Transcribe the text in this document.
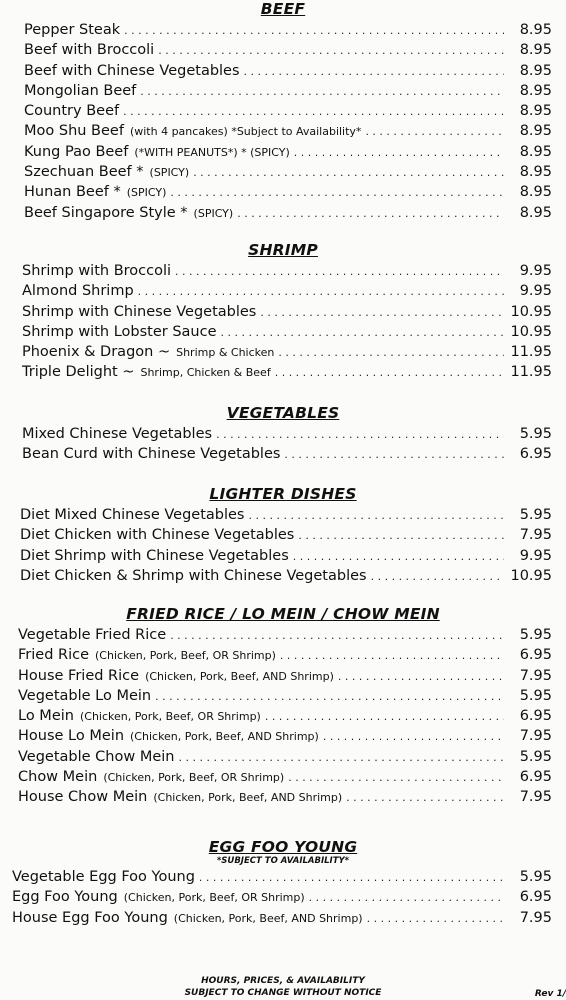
BEEF
Pepper Steak . . .	8.95
Beef with Broccoli . . .	8.95
Beef with Chinese Vegetables . . .	8.95
Mongolian Beef . . .	8.95
Country Beef . . .	8.95
Moo Shu Beef (with 4 pancakes) *Subject to Availability* . . .	8.95
Kung Pao Beef (*WITH PEANUTS*) * (SPICY) . . .	8.95
Szechuan Beef * (SPICY) . . .	8.95
Hunan Beef * (SPICY) . . .	8.95
Beef Singapore Style * (SPICY) . . .	8.95
SHRIMP
Shrimp with Broccoli . . .	9.95
Almond Shrimp . . .	9.95
Shrimp with Chinese Vegetables . . .	10.95
Shrimp with Lobster Sauce . . .	10.95
Phoenix & Dragon ~ Shrimp & Chicken . . .	11.95
Triple Delight ~ Shrimp, Chicken & Beef . . .	11.95
VEGETABLES
Mixed Chinese Vegetables . . .	5.95
Bean Curd with Chinese Vegetables . . .	6.95
LIGHTER DISHES
Diet Mixed Chinese Vegetables . . .	5.95
Diet Chicken with Chinese Vegetables . . .	7.95
Diet Shrimp with Chinese Vegetables . . .	9.95
Diet Chicken & Shrimp with Chinese Vegetables . . .	10.95
FRIED RICE / LO MEIN / CHOW MEIN
Vegetable Fried Rice . . .	5.95
Fried Rice (Chicken, Pork, Beef, OR Shrimp) . . .	6.95
House Fried Rice (Chicken, Pork, Beef, AND Shrimp) . . .	7.95
Vegetable Lo Mein . . .	5.95
Lo Mein (Chicken, Pork, Beef, OR Shrimp) . . .	6.95
House Lo Mein (Chicken, Pork, Beef, AND Shrimp) . . .	7.95
Vegetable Chow Mein . . .	5.95
Chow Mein (Chicken, Pork, Beef, OR Shrimp) . . .	6.95
House Chow Mein (Chicken, Pork, Beef, AND Shrimp) . . .	7.95
EGG FOO YOUNG
*SUBJECT TO AVAILABILITY*
Vegetable Egg Foo Young . . .	5.95
Egg Foo Young (Chicken, Pork, Beef, OR Shrimp) . . .	6.95
House Egg Foo Young (Chicken, Pork, Beef, AND Shrimp) . . .	7.95
HOURS, PRICES, & AVAILABILITY
SUBJECT TO CHANGE WITHOUT NOTICE	Rev 1/
